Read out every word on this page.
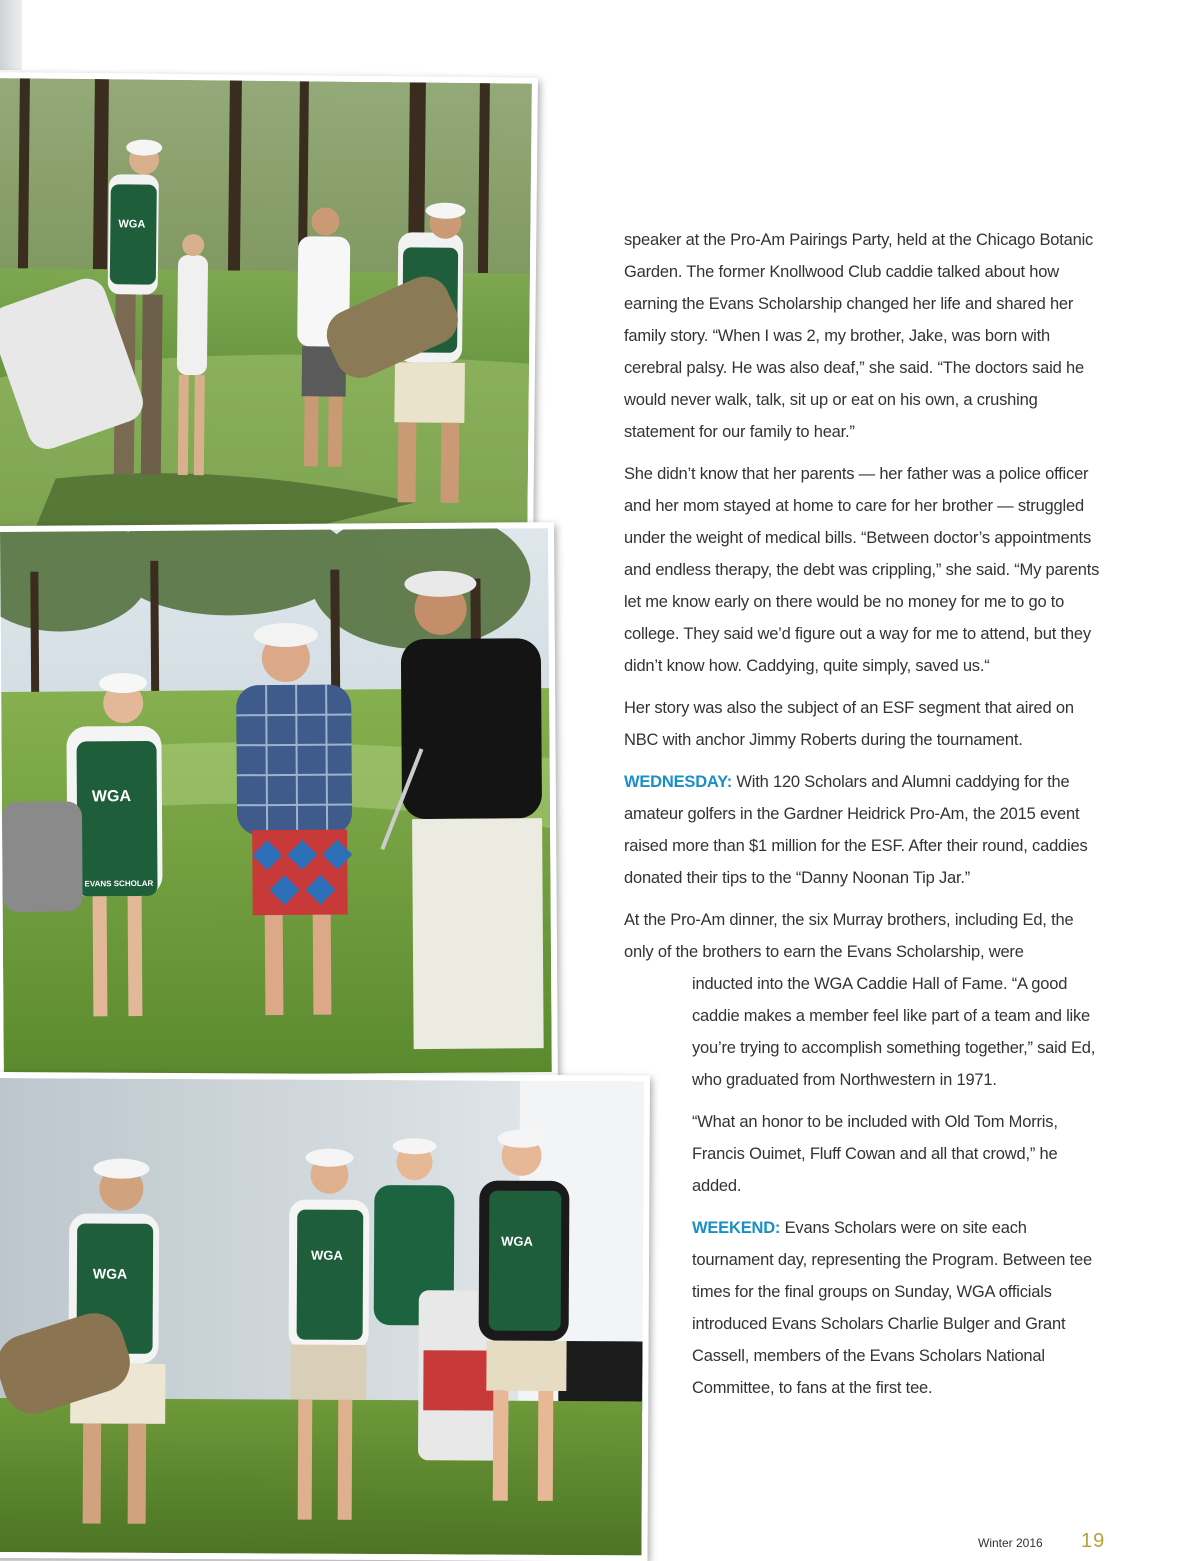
WGA
WGA
EVANS SCHOLAR
WGA
WGA
WGA

speaker at the Pro-Am Pairings Party, held at the Chicago Botanic Garden. The former Knollwood Club caddie talked about how earning the Evans Scholarship changed her life and shared her family story. “When I was 2, my brother, Jake, was born with cerebral palsy. He was also deaf,” she said. “The doctors said he would never walk, talk, sit up or eat on his own, a crushing statement for our family to hear.”

She didn’t know that her parents — her father was a police officer and her mom stayed at home to care for her brother — struggled under the weight of medical bills. “Between doctor’s appointments and endless therapy, the debt was crippling,” she said. “My parents let me know early on there would be no money for me to go to college. They said we’d figure out a way for me to attend, but they didn’t know how. Caddying, quite simply, saved us.“

Her story was also the subject of an ESF segment that aired on NBC with anchor Jimmy Roberts during the tournament.

WEDNESDAY: With 120 Scholars and Alumni caddying for the amateur golfers in the Gardner Heidrick Pro-Am, the 2015 event raised more than $1 million for the ESF. After their round, caddies donated their tips to the “Danny Noonan Tip Jar.”

At the Pro-Am dinner, the six Murray brothers, including Ed, the only of the brothers to earn the Evans Scholarship, were

inducted into the WGA Caddie Hall of Fame. “A good caddie makes a member feel like part of a team and like you’re trying to accomplish something together,” said Ed, who graduated from Northwestern in 1971.

“What an honor to be included with Old Tom Morris, Francis Ouimet, Fluff Cowan and all that crowd,” he added.

WEEKEND: Evans Scholars were on site each tournament day, representing the Program. Between tee times for the final groups on Sunday, WGA officials introduced Evans Scholars Charlie Bulger and Grant Cassell, members of the Evans Scholars National Committee, to fans at the first tee.

Winter 2016 19
